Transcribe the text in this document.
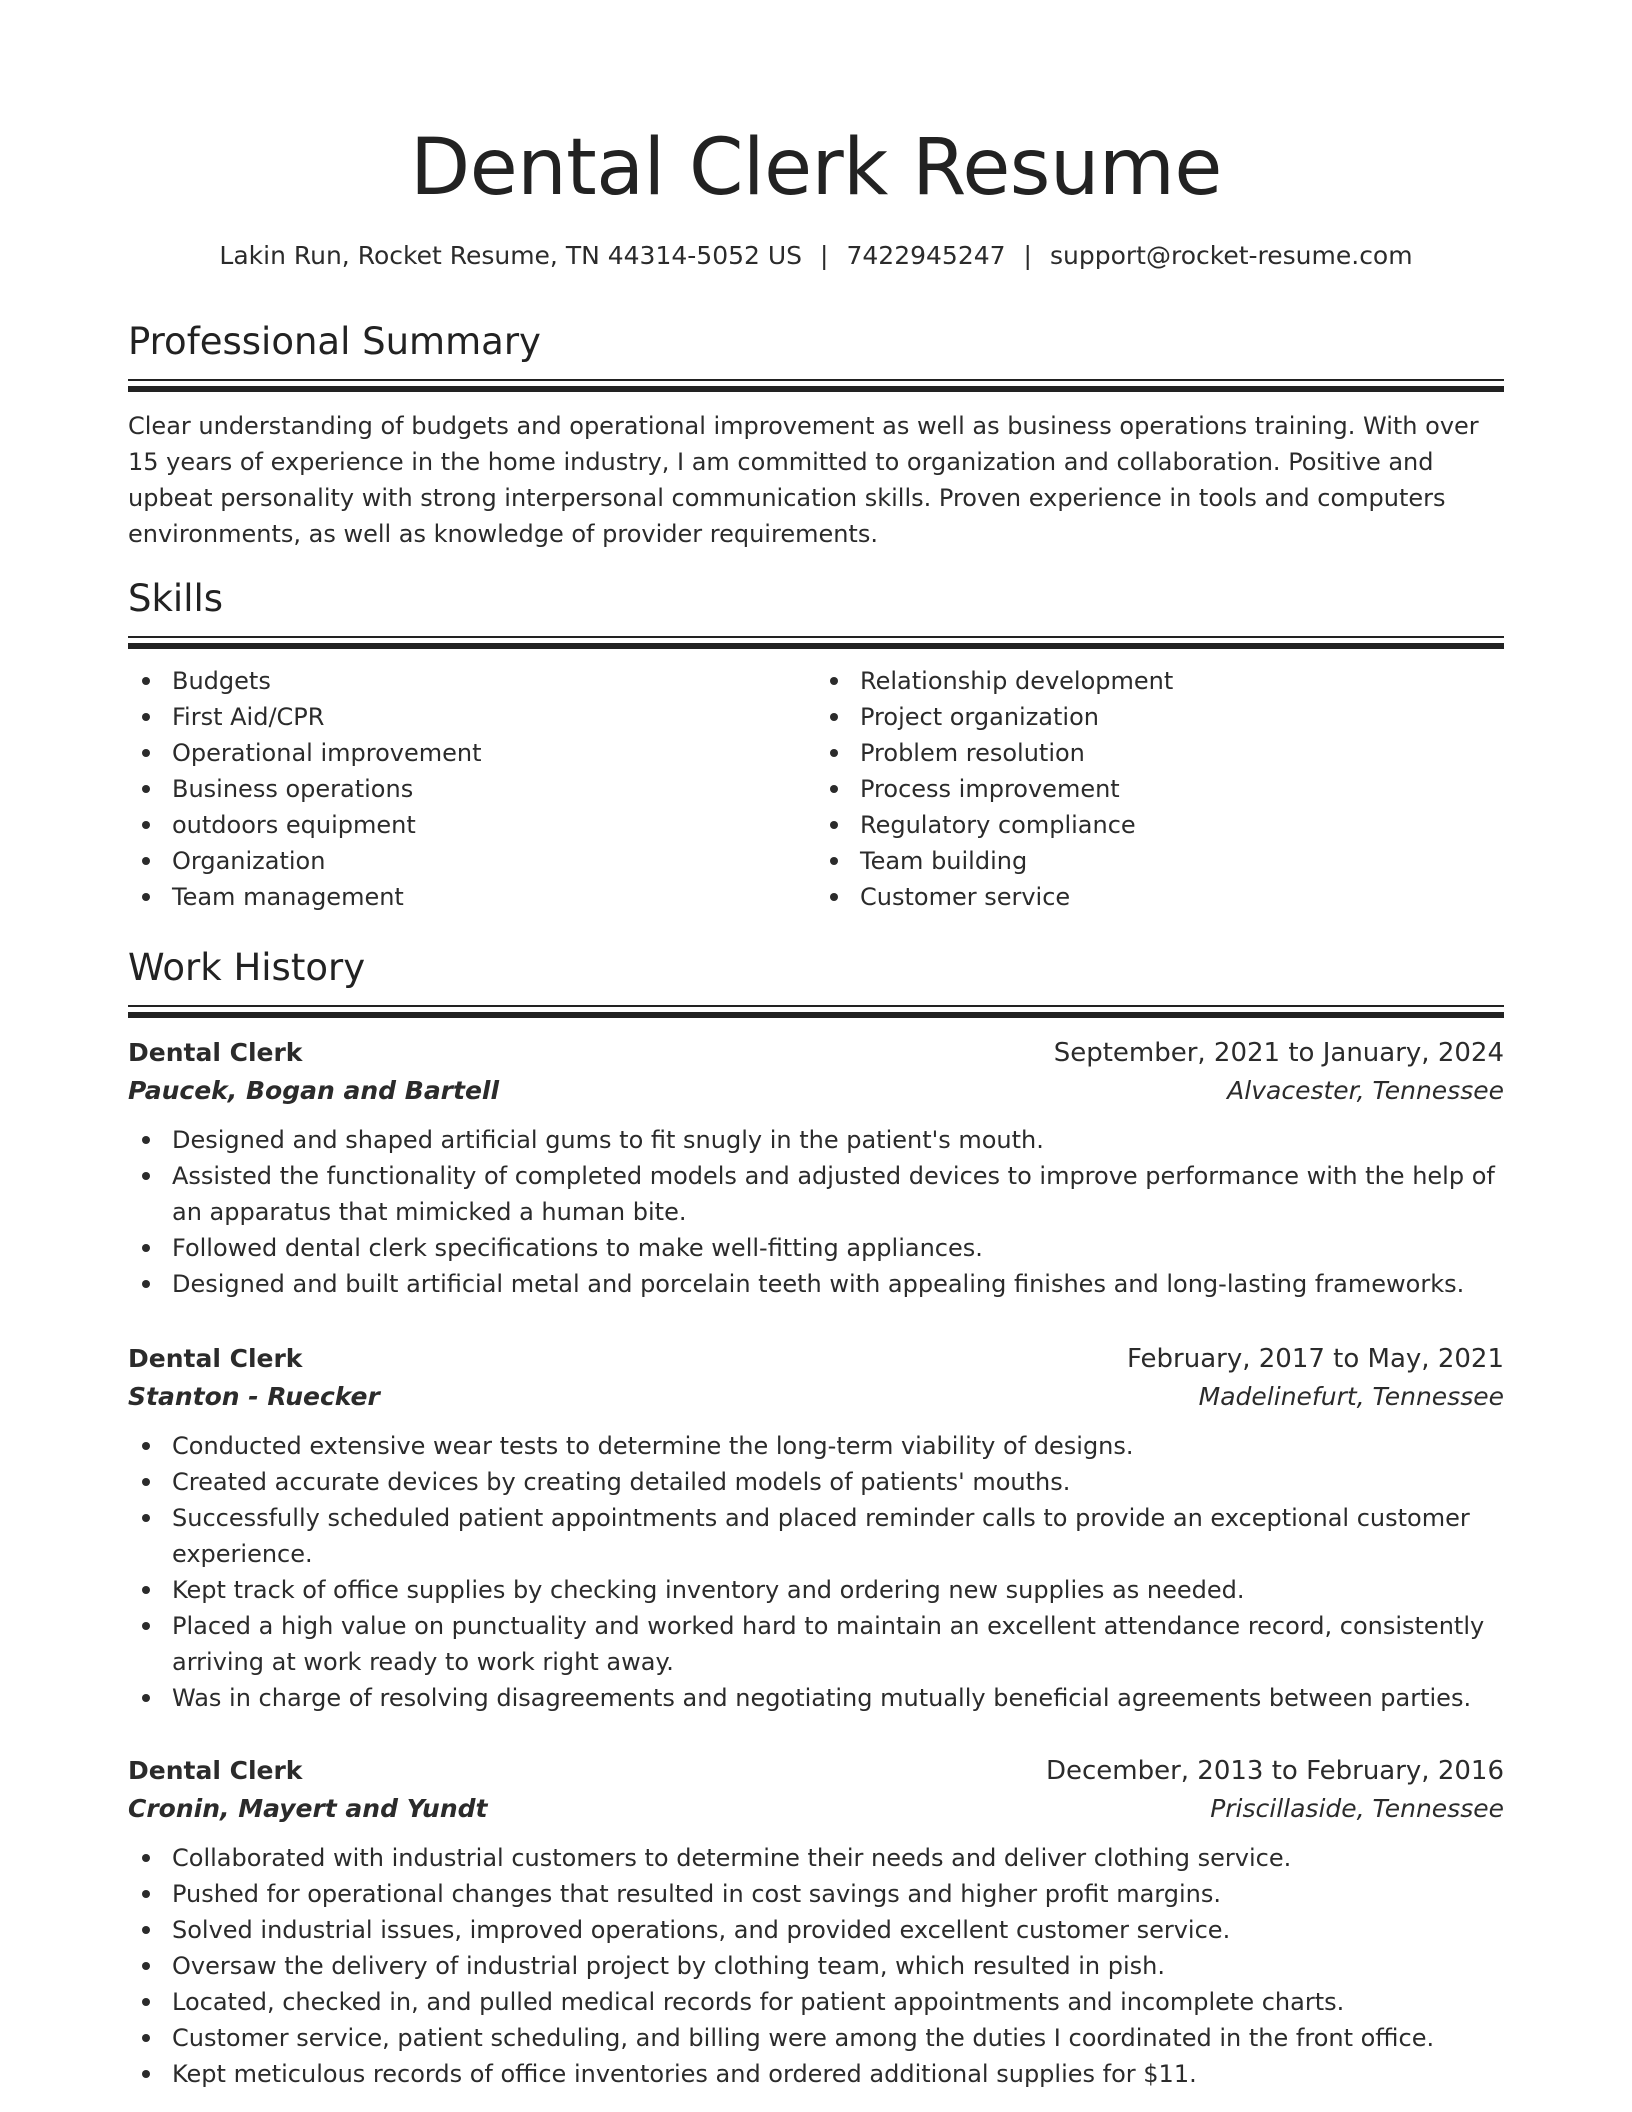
Dental Clerk Resume
Lakin Run, Rocket Resume, TN 44314-5052 US | 7422945247 | support@rocket-resume.com
Professional Summary
Clear understanding of budgets and operational improvement as well as business operations training. With over 15 years of experience in the home industry, I am committed to organization and collaboration. Positive and upbeat personality with strong interpersonal communication skills. Proven experience in tools and computers environments, as well as knowledge of provider requirements.
Skills
Budgets
First Aid/CPR
Operational improvement
Business operations
outdoors equipment
Organization
Team management
Relationship development
Project organization
Problem resolution
Process improvement
Regulatory compliance
Team building
Customer service
Work History
Dental Clerk	September, 2021 to January, 2024
Paucek, Bogan and Bartell	Alvacester, Tennessee
Designed and shaped artificial gums to fit snugly in the patient's mouth.
Assisted the functionality of completed models and adjusted devices to improve performance with the help of an apparatus that mimicked a human bite.
Followed dental clerk specifications to make well-fitting appliances.
Designed and built artificial metal and porcelain teeth with appealing finishes and long-lasting frameworks.
Dental Clerk	February, 2017 to May, 2021
Stanton - Ruecker	Madelinefurt, Tennessee
Conducted extensive wear tests to determine the long-term viability of designs.
Created accurate devices by creating detailed models of patients' mouths.
Successfully scheduled patient appointments and placed reminder calls to provide an exceptional customer experience.
Kept track of office supplies by checking inventory and ordering new supplies as needed.
Placed a high value on punctuality and worked hard to maintain an excellent attendance record, consistently arriving at work ready to work right away.
Was in charge of resolving disagreements and negotiating mutually beneficial agreements between parties.
Dental Clerk	December, 2013 to February, 2016
Cronin, Mayert and Yundt	Priscillaside, Tennessee
Collaborated with industrial customers to determine their needs and deliver clothing service.
Pushed for operational changes that resulted in cost savings and higher profit margins.
Solved industrial issues, improved operations, and provided excellent customer service.
Oversaw the delivery of industrial project by clothing team, which resulted in pish.
Located, checked in, and pulled medical records for patient appointments and incomplete charts.
Customer service, patient scheduling, and billing were among the duties I coordinated in the front office.
Kept meticulous records of office inventories and ordered additional supplies for $11.
